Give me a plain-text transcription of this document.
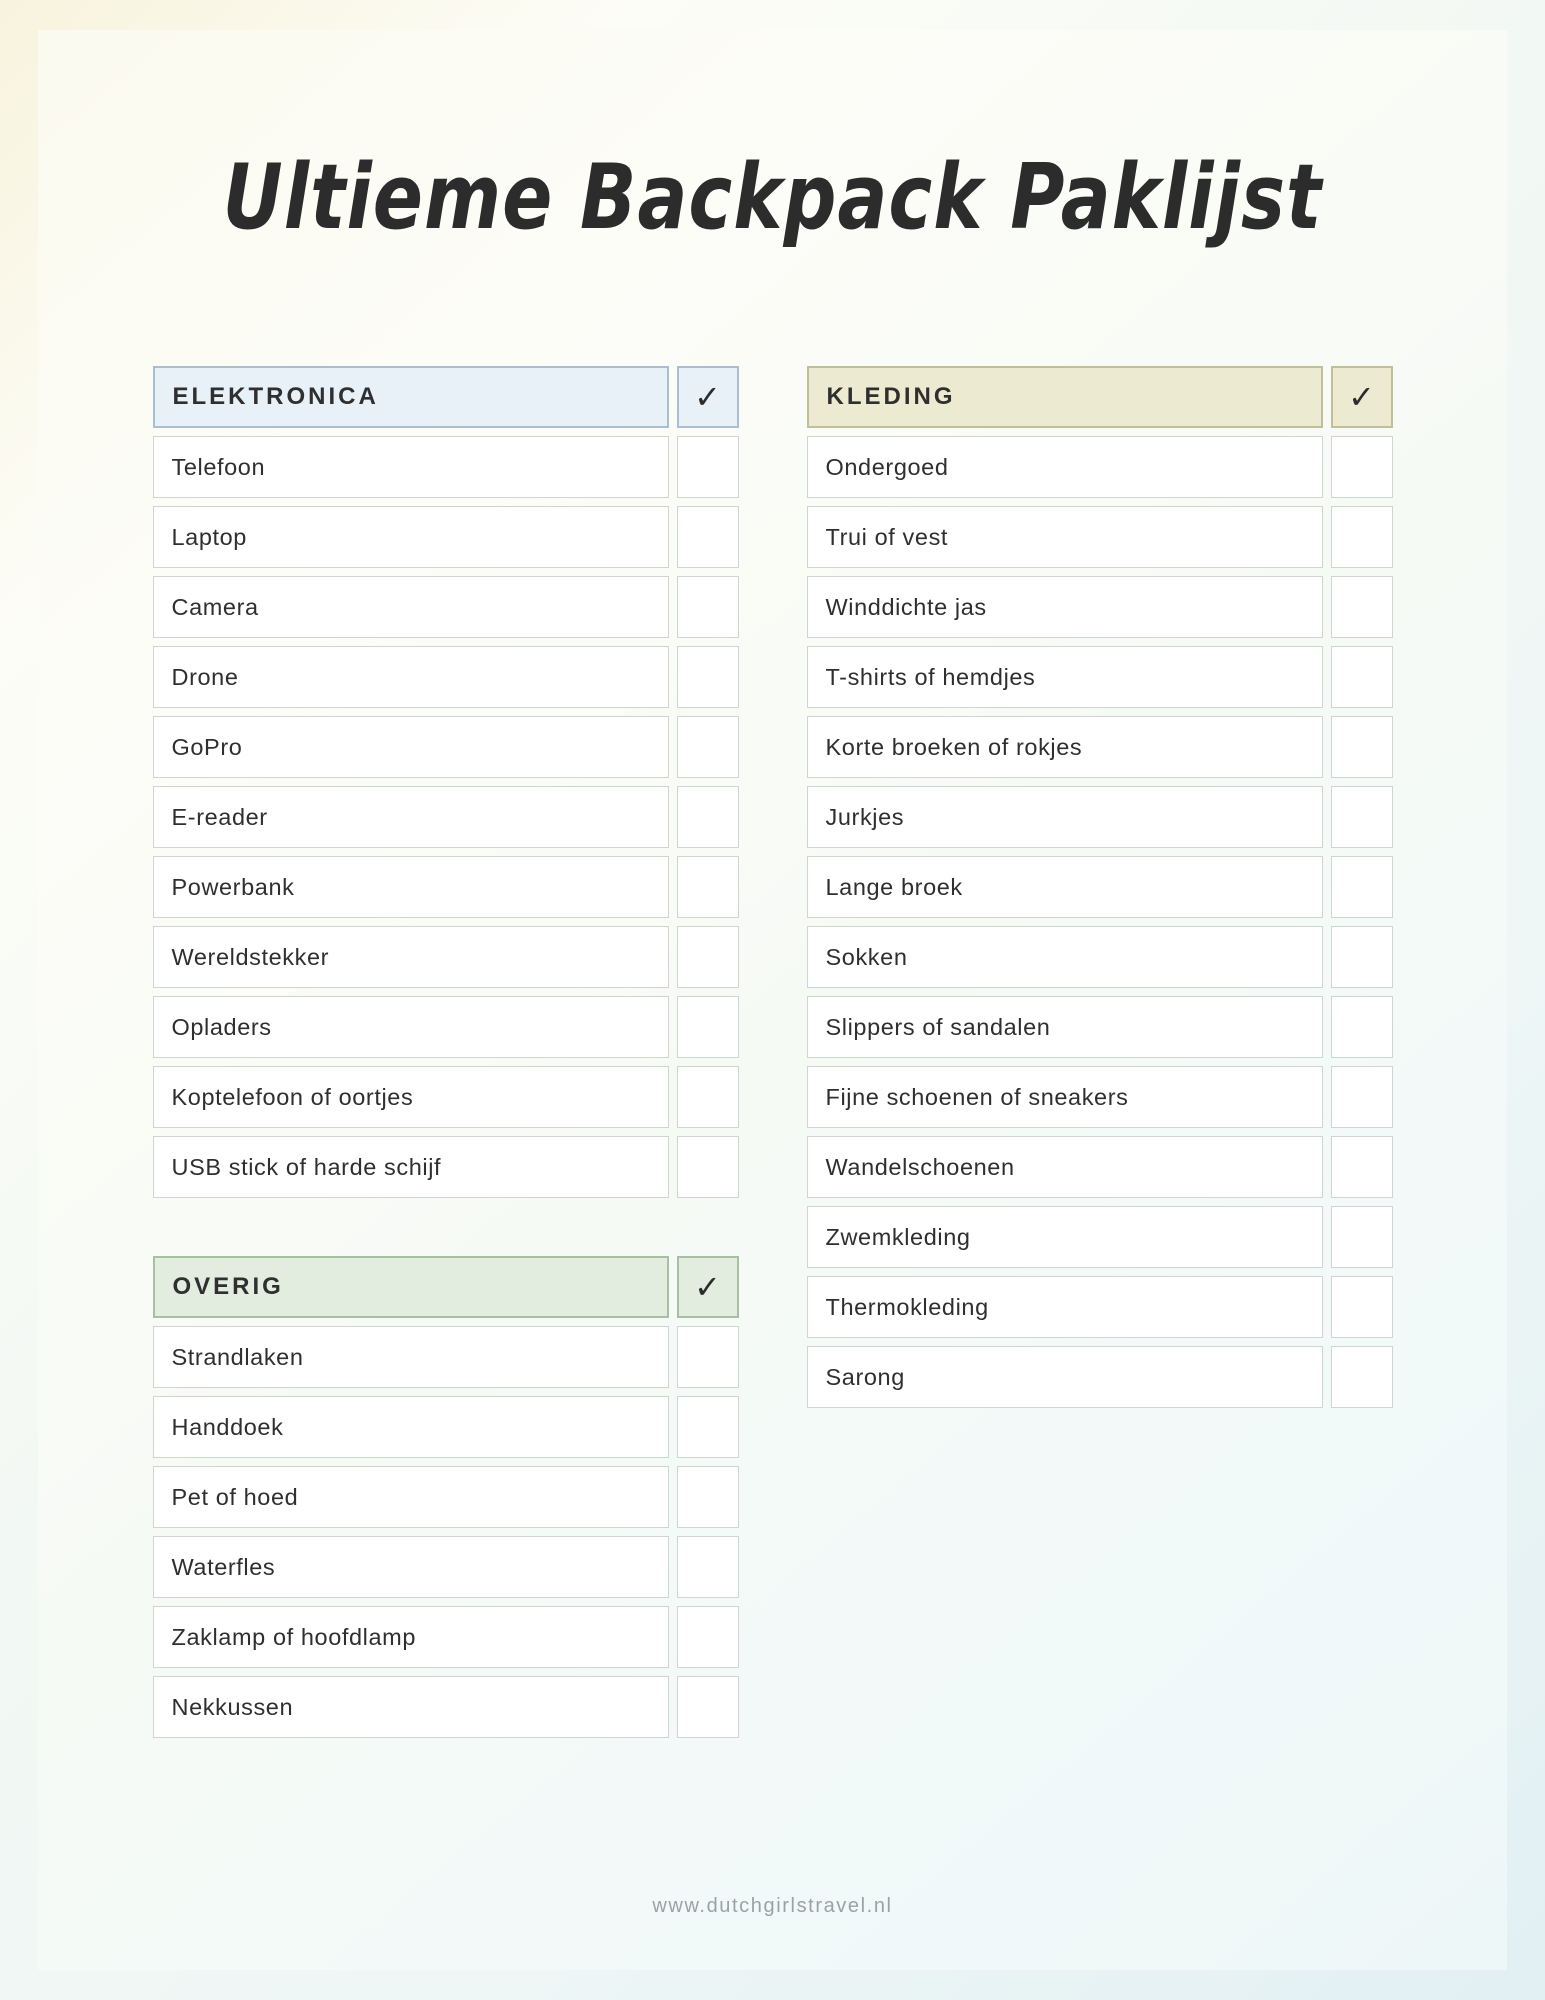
Ultieme Backpack Paklijst
ELEKTRONICA	✓
Telefoon
Laptop
Camera
Drone
GoPro
E-reader
Powerbank
Wereldstekker
Opladers
Koptelefoon of oortjes
USB stick of harde schijf
OVERIG	✓
Strandlaken
Handdoek
Pet of hoed
Waterfles
Zaklamp of hoofdlamp
Nekkussen
KLEDING	✓
Ondergoed
Trui of vest
Winddichte jas
T-shirts of hemdjes
Korte broeken of rokjes
Jurkjes
Lange broek
Sokken
Slippers of sandalen
Fijne schoenen of sneakers
Wandelschoenen
Zwemkleding
Thermokleding
Sarong
www.dutchgirlstravel.nl
